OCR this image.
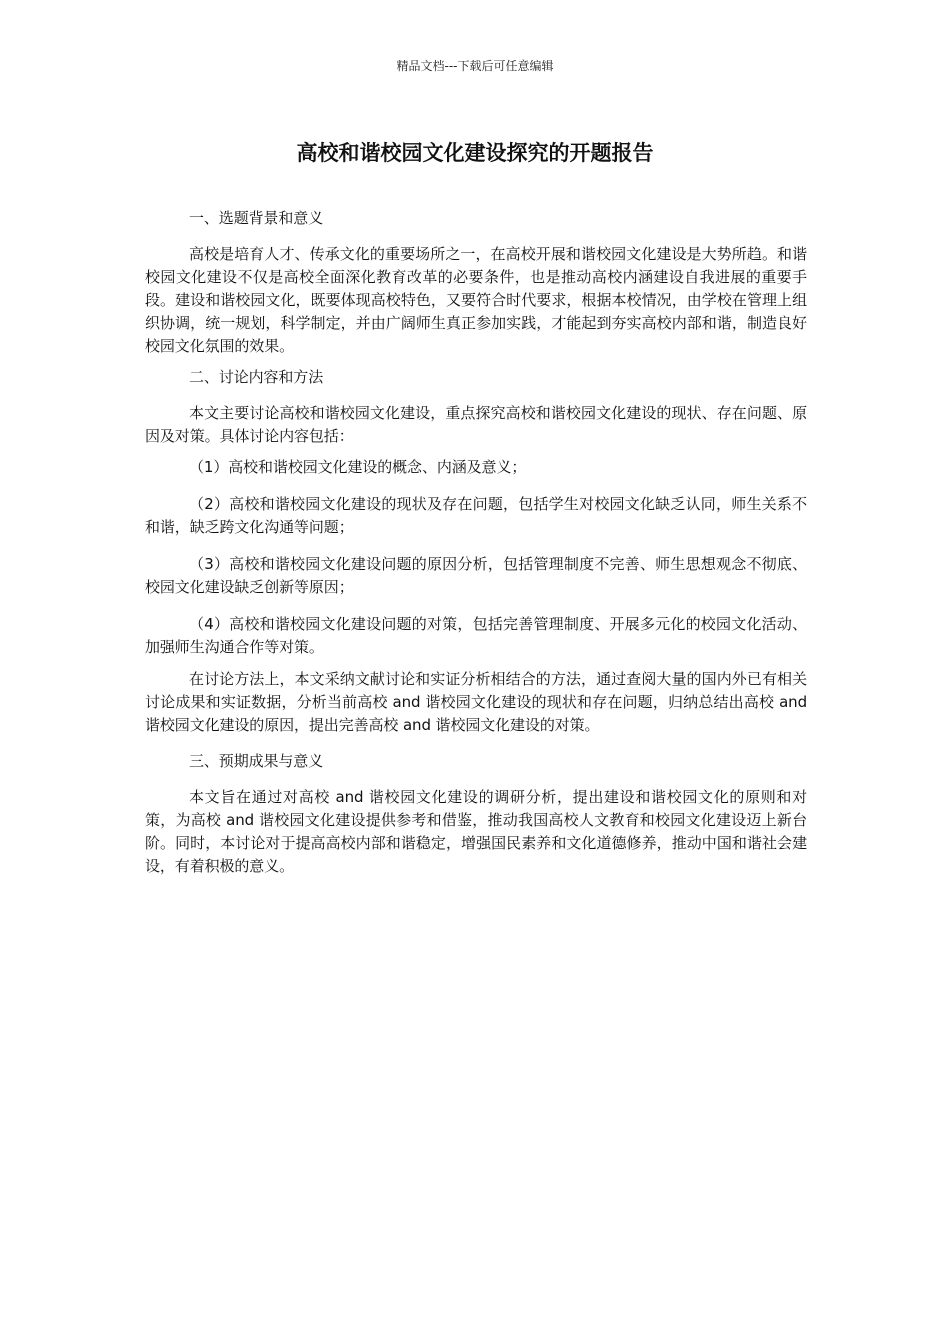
精品文档---下载后可任意编辑
高校和谐校园文化建设探究的开题报告

一、选题背景和意义

高校是培育人才、传承文化的重要场所之一，在高校开展和谐校园文化建设是大势所趋。和谐校园文化建设不仅是高校全面深化教育改革的必要条件，也是推动高校内涵建设自我进展的重要手段。建设和谐校园文化，既要体现高校特色，又要符合时代要求，根据本校情况，由学校在管理上组织协调，统一规划，科学制定，并由广阔师生真正参加实践，才能起到夯实高校内部和谐，制造良好校园文化氛围的效果。

二、讨论内容和方法

本文主要讨论高校和谐校园文化建设，重点探究高校和谐校园文化建设的现状、存在问题、原因及对策。具体讨论内容包括：

（1）高校和谐校园文化建设的概念、内涵及意义；

（2）高校和谐校园文化建设的现状及存在问题，包括学生对校园文化缺乏认同，师生关系不和谐，缺乏跨文化沟通等问题；

（3）高校和谐校园文化建设问题的原因分析，包括管理制度不完善、师生思想观念不彻底、校园文化建设缺乏创新等原因；

（4）高校和谐校园文化建设问题的对策，包括完善管理制度、开展多元化的校园文化活动、加强师生沟通合作等对策。

在讨论方法上，本文采纳文献讨论和实证分析相结合的方法，通过查阅大量的国内外已有相关讨论成果和实证数据，分析当前高校 and 谐校园文化建设的现状和存在问题，归纳总结出高校 and 谐校园文化建设的原因，提出完善高校 and 谐校园文化建设的对策。

三、预期成果与意义

本文旨在通过对高校 and 谐校园文化建设的调研分析，提出建设和谐校园文化的原则和对策，为高校 and 谐校园文化建设提供参考和借鉴，推动我国高校人文教育和校园文化建设迈上新台阶。同时，本讨论对于提高高校内部和谐稳定，增强国民素养和文化道德修养，推动中国和谐社会建设，有着积极的意义。
